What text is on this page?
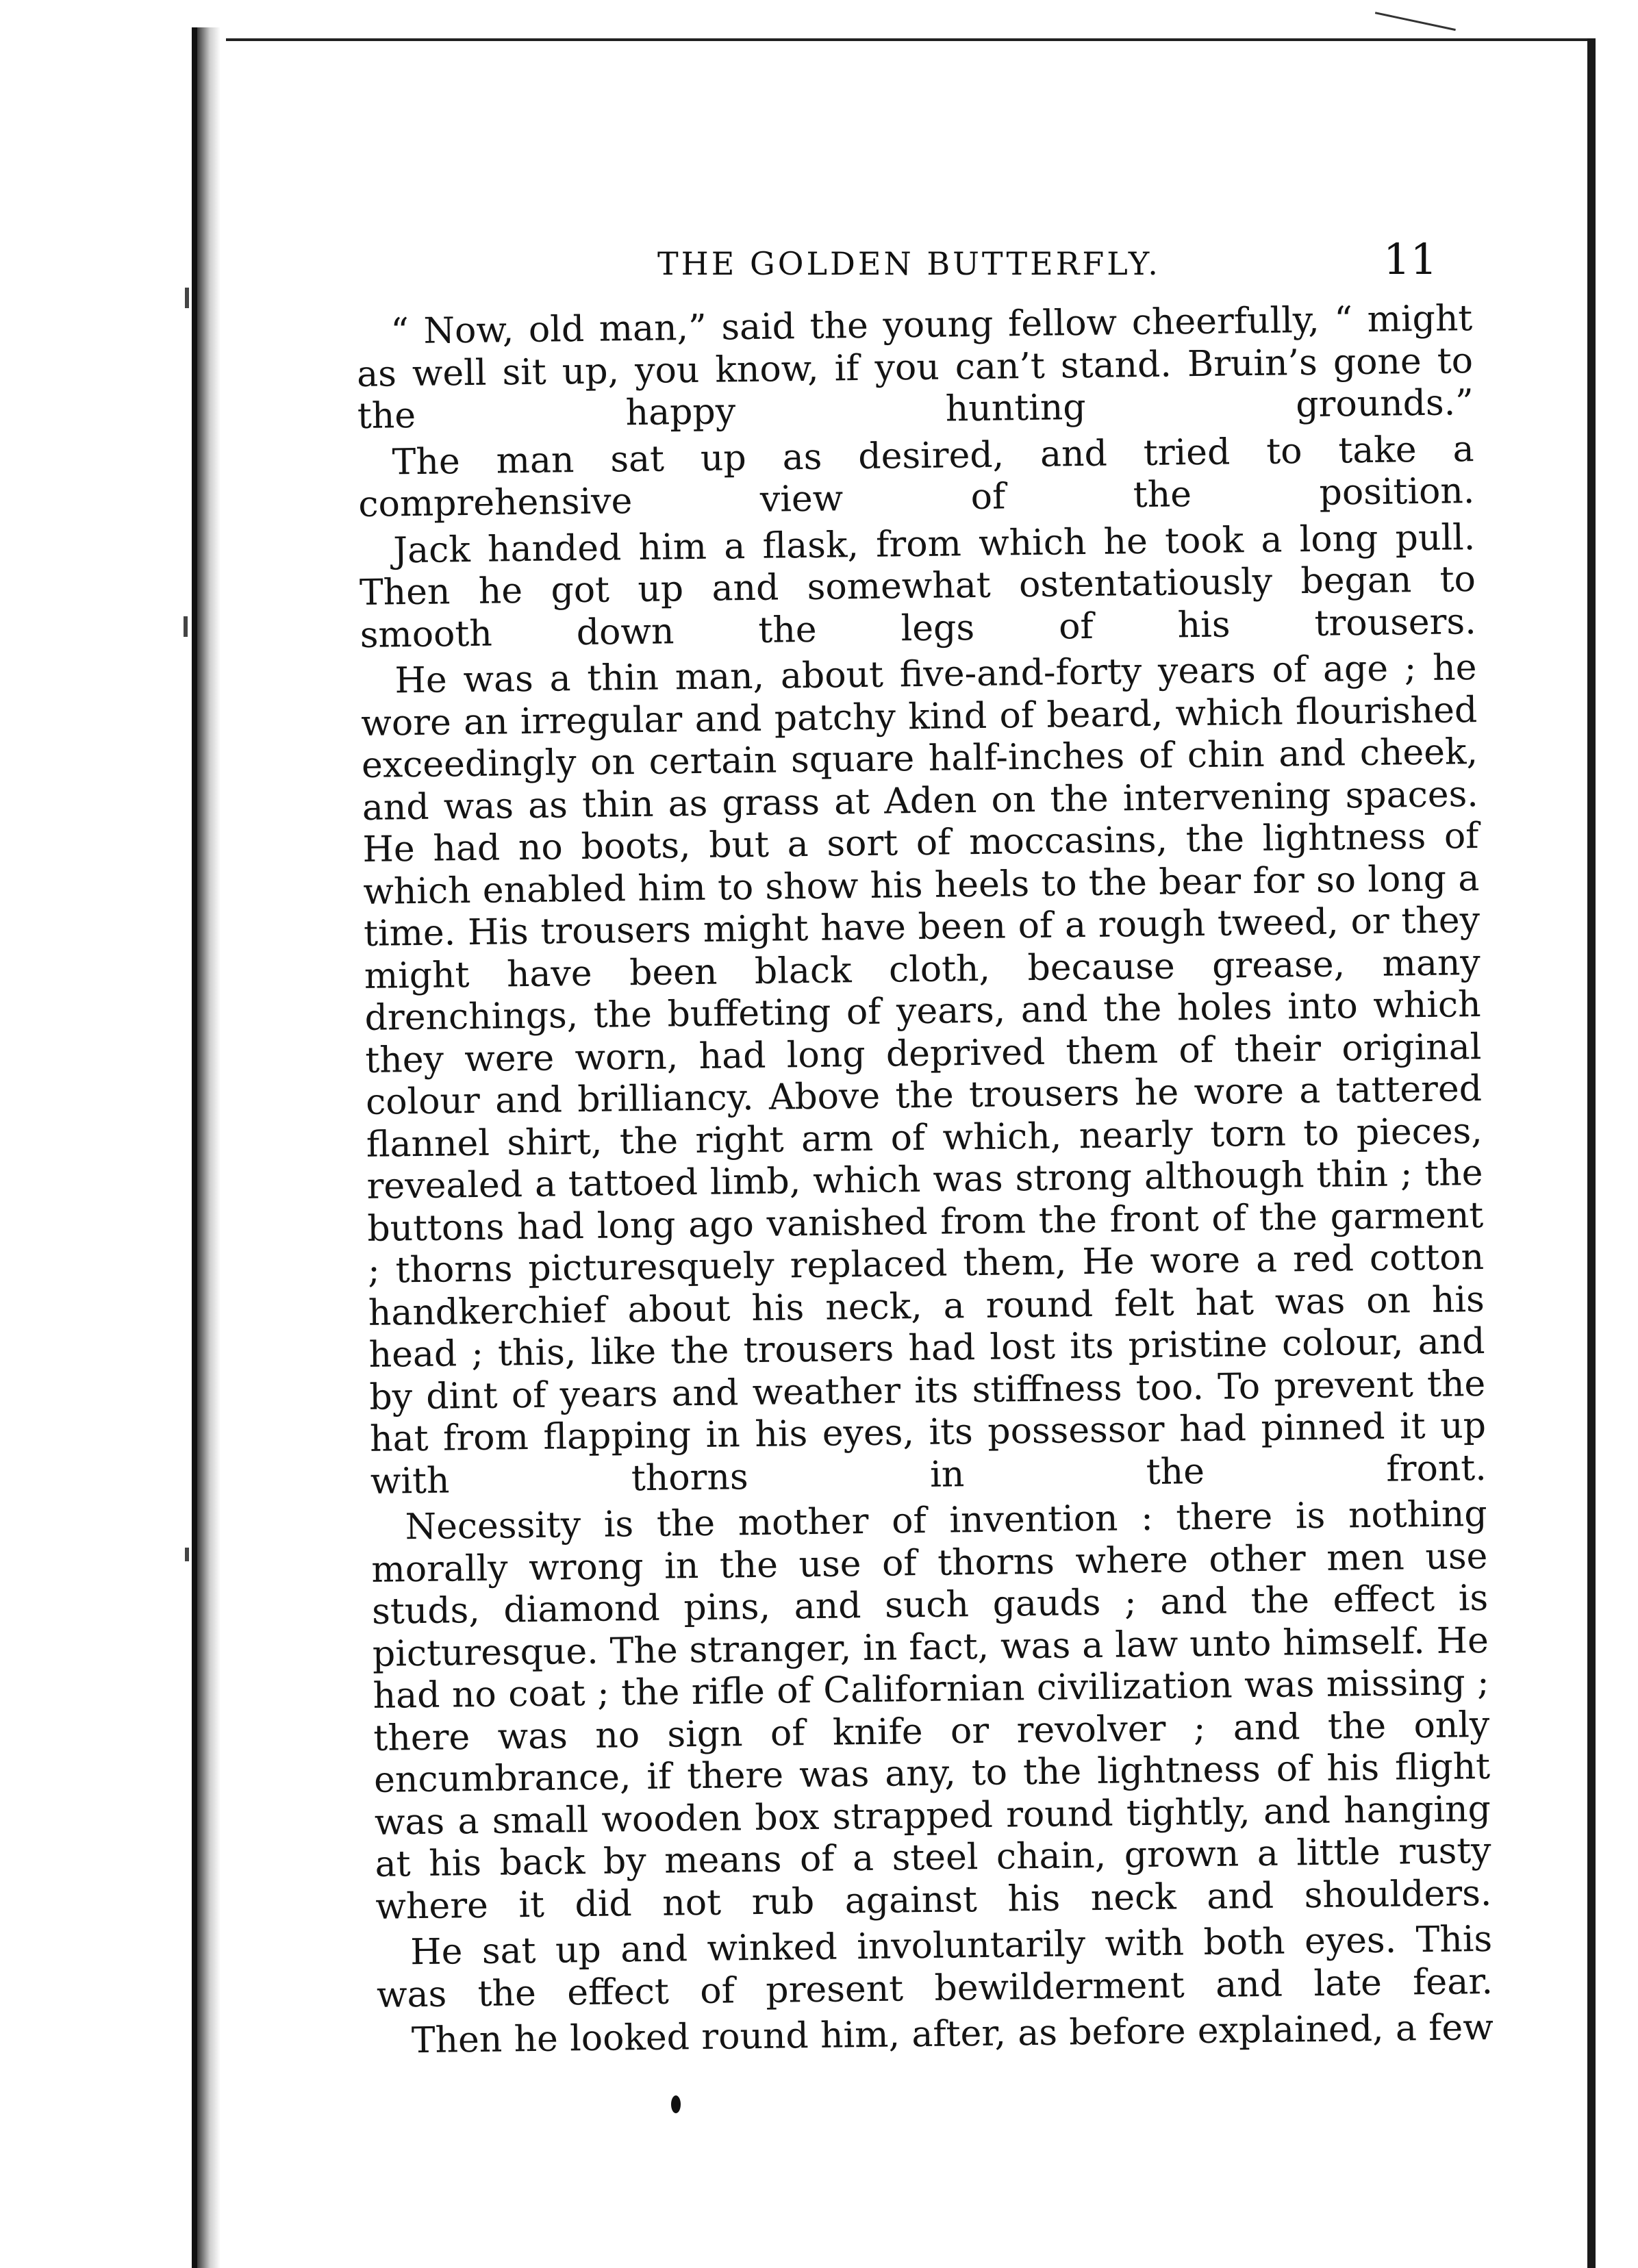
THE GOLDEN BUTTERFLY.	11

“ Now, old man,” said the young fellow cheerfully, “ might as well sit up, you know, if you can’t stand. Bruin’s gone to the happy hunting grounds.”

The man sat up as desired, and tried to take a comprehensive view of the position.

Jack handed him a flask, from which he took a long pull. Then he got up and somewhat ostentatiously began to smooth down the legs of his trousers.

He was a thin man, about five-and-forty years of age ; he wore an irregular and patchy kind of beard, which flourished exceedingly on certain square half-inches of chin and cheek, and was as thin as grass at Aden on the intervening spaces. He had no boots, but a sort of moccasins, the lightness of which enabled him to show his heels to the bear for so long a time. His trousers might have been of a rough tweed, or they might have been black cloth, because grease, many drenchings, the buffeting of years, and the holes into which they were worn, had long deprived them of their original colour and brilliancy. Above the trousers he wore a tattered flannel shirt, the right arm of which, nearly torn to pieces, revealed a tattoed limb, which was strong although thin ; the buttons had long ago vanished from the front of the garment ; thorns picturesquely replaced them, He wore a red cotton handkerchief about his neck, a round felt hat was on his head ; this, like the trousers had lost its pristine colour, and by dint of years and weather its stiffness too. To prevent the hat from flapping in his eyes, its possessor had pinned it up with thorns in the front.

Necessity is the mother of invention : there is nothing morally wrong in the use of thorns where other men use studs, diamond pins, and such gauds ; and the effect is picturesque. The stranger, in fact, was a law unto himself. He had no coat ; the rifle of Californian civilization was missing ; there was no sign of knife or revolver ; and the only encumbrance, if there was any, to the lightness of his flight was a small wooden box strapped round tightly, and hanging at his back by means of a steel chain, grown a little rusty where it did not rub against his neck and shoulders.

He sat up and winked involuntarily with both eyes. This was the effect of present bewilderment and late fear.

Then he looked round him, after, as before explained, a few
